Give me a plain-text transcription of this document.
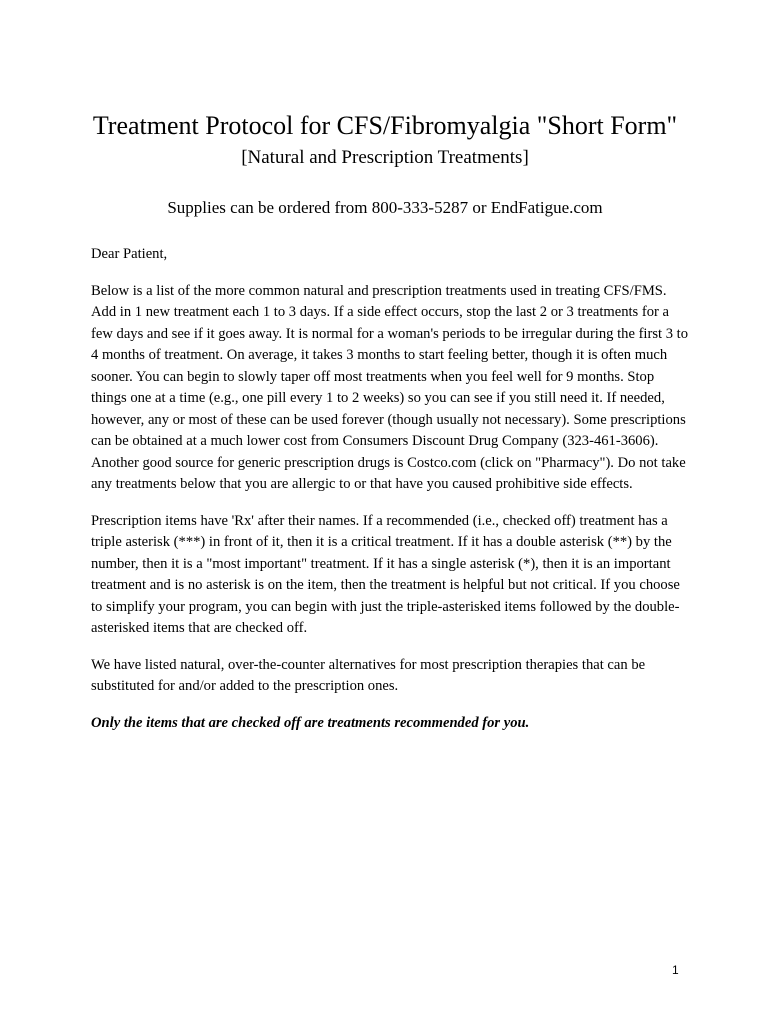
Treatment Protocol for CFS/Fibromyalgia "Short Form"
[Natural and Prescription Treatments]
Supplies can be ordered from 800-333-5287 or EndFatigue.com

Dear Patient,

Below is a list of the more common natural and prescription treatments used in treating CFS/FMS. Add in 1 new treatment each 1 to 3 days. If a side effect occurs, stop the last 2 or 3 treatments for a few days and see if it goes away. It is normal for a woman's periods to be irregular during the first 3 to 4 months of treatment. On average, it takes 3 months to start feeling better, though it is often much sooner. You can begin to slowly taper off most treatments when you feel well for 9 months. Stop things one at a time (e.g., one pill every 1 to 2 weeks) so you can see if you still need it. If needed, however, any or most of these can be used forever (though usually not necessary). Some prescriptions can be obtained at a much lower cost from Consumers Discount Drug Company (323-461-3606). Another good source for generic prescription drugs is Costco.com (click on "Pharmacy"). Do not take any treatments below that you are allergic to or that have you caused prohibitive side effects.

Prescription items have 'Rx' after their names. If a recommended (i.e., checked off) treatment has a triple asterisk (***) in front of it, then it is a critical treatment. If it has a double asterisk (**) by the number, then it is a "most important" treatment. If it has a single asterisk (*), then it is an important treatment and is no asterisk is on the item, then the treatment is helpful but not critical. If you choose to simplify your program, you can begin with just the triple-asterisked items followed by the double-asterisked items that are checked off.

We have listed natural, over-the-counter alternatives for most prescription therapies that can be substituted for and/or added to the prescription ones.

Only the items that are checked off are treatments recommended for you.

1
